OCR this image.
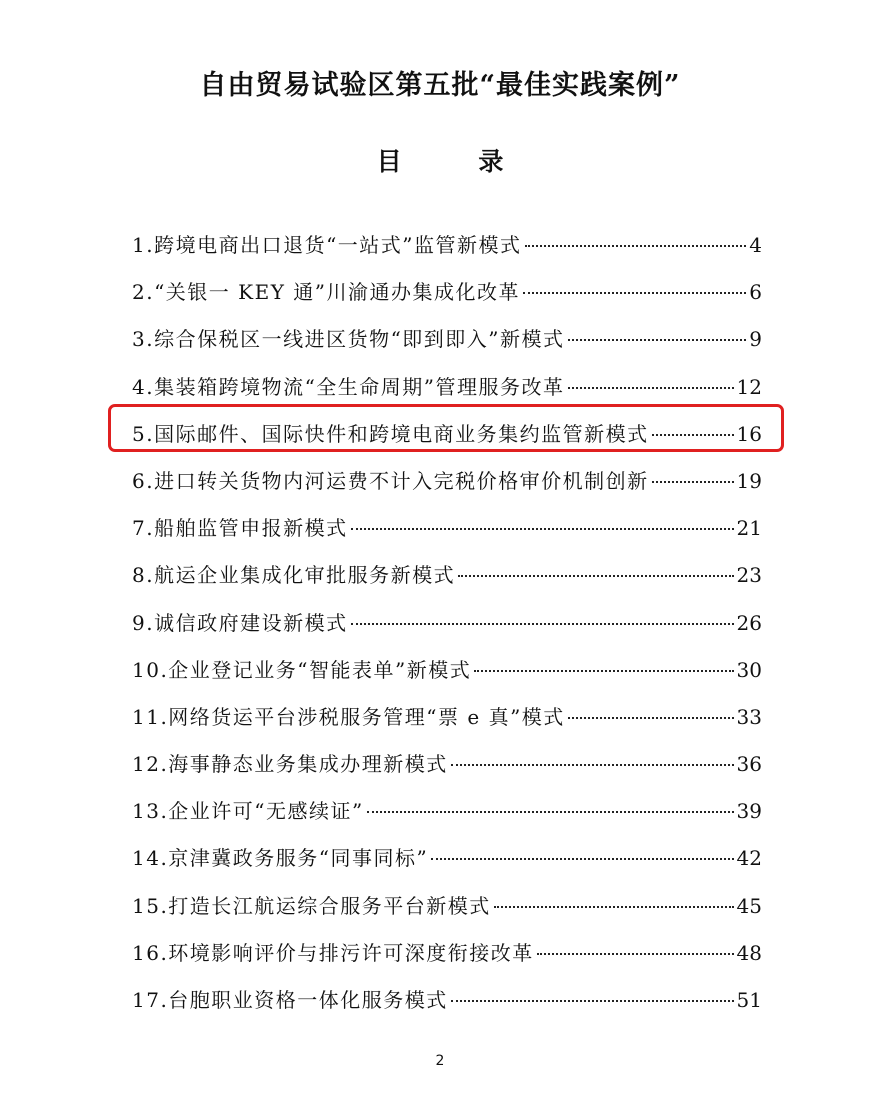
自由贸易试验区第五批“最佳实践案例”
目 录
1.跨境电商出口退货“一站式”监管新模式	4
2.“关银一 KEY 通”川渝通办集成化改革	6
3.综合保税区一线进区货物“即到即入”新模式	9
4.集装箱跨境物流“全生命周期”管理服务改革	12
5.国际邮件、国际快件和跨境电商业务集约监管新模式	16
6.进口转关货物内河运费不计入完税价格审价机制创新	19
7.船舶监管申报新模式	21
8.航运企业集成化审批服务新模式	23
9.诚信政府建设新模式	26
10.企业登记业务“智能表单”新模式	30
11.网络货运平台涉税服务管理“票 e 真”模式	33
12.海事静态业务集成办理新模式	36
13.企业许可“无感续证”	39
14.京津冀政务服务“同事同标”	42
15.打造长江航运综合服务平台新模式	45
16.环境影响评价与排污许可深度衔接改革	48
17.台胞职业资格一体化服务模式	51
2
